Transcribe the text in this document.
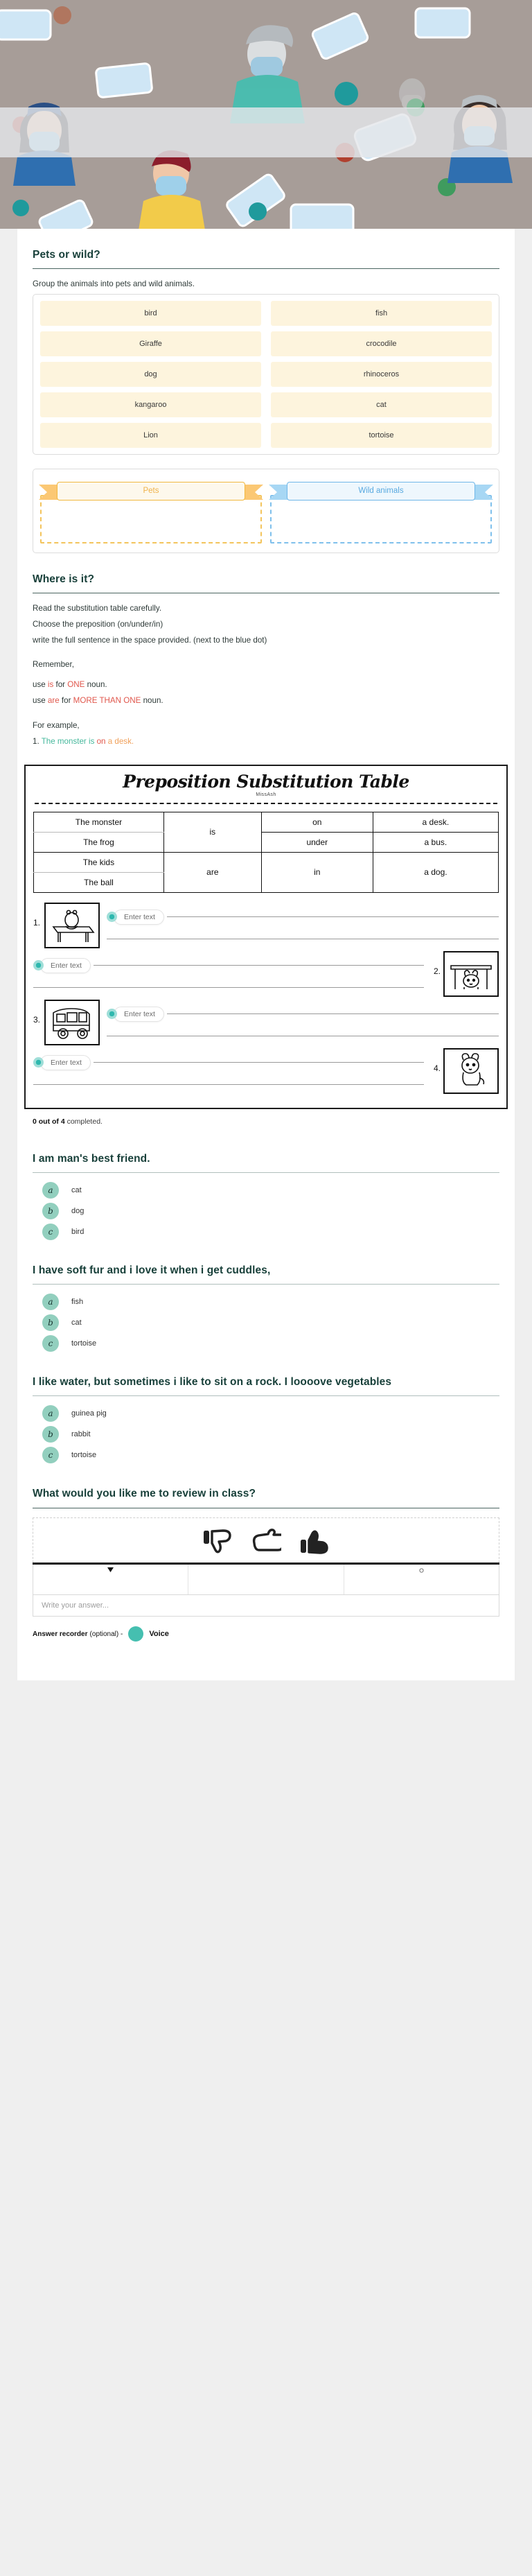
Pets or wild?

Group the animals into pets and wild animals.

bird	fish
Giraffe	crocodile
dog	rhinoceros
kangaroo	cat
Lion	tortoise
Pets	Wild animals
Where is it?

Read the substitution table carefully.

Choose the preposition (on/under/in)

write the full sentence in the space provided. (next to the blue dot)

Remember,

use is for ONE noun.

use are for MORE THAN ONE noun.

For example,

1. The monster is on a desk.

Preposition Substitution Table
MissAsh
The monster	is	on	a desk.
The frog		under	a bus.
The kids	are	in	a dog.
The ball			
1.
Enter text
2.
Enter text
3.
Enter text
4.
Enter text

0 out of 4 completed.

I am man's best friend.
a	cat
b	dog
c	bird
I have soft fur and i love it when i get cuddles,
a	fish
b	cat
c	tortoise
I like water, but sometimes i like to sit on a rock. I loooove vegetables
a	guinea pig
b	rabbit
c	tortoise
What would you like me to review in class?
Write your answer...
Answer recorder (optional) -	Voice
